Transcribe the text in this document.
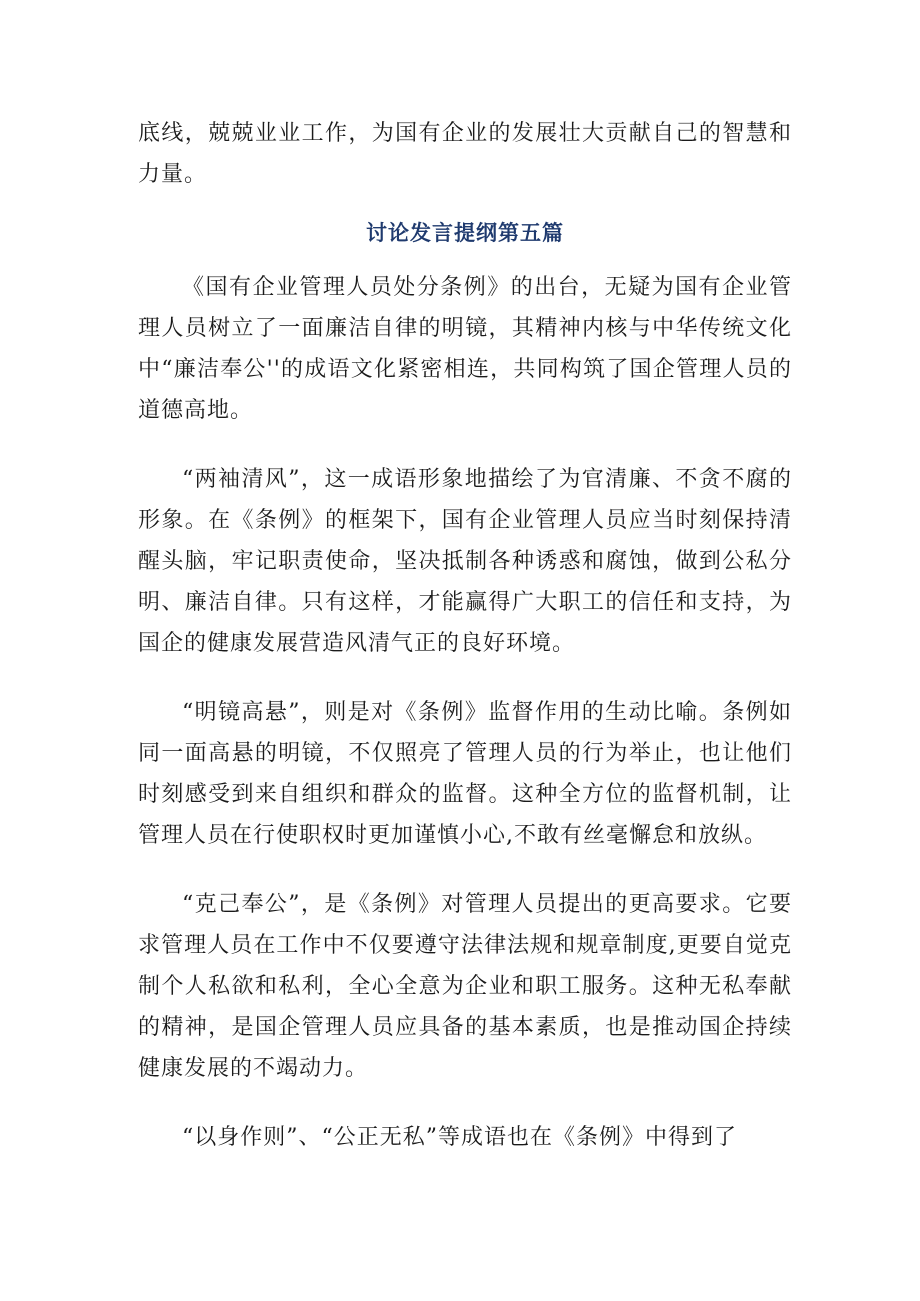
底线，兢兢业业工作，为国有企业的发展壮大贡献自己的智慧和力量。

讨论发言提纲第五篇

《国有企业管理人员处分条例》的出台，无疑为国有企业管理人员树立了一面廉洁自律的明镜，其精神内核与中华传统文化中“廉洁奉公''的成语文化紧密相连，共同构筑了国企管理人员的道德高地。

“两袖清风”，这一成语形象地描绘了为官清廉、不贪不腐的形象。在《条例》的框架下，国有企业管理人员应当时刻保持清醒头脑，牢记职责使命，坚决抵制各种诱惑和腐蚀，做到公私分明、廉洁自律。只有这样，才能赢得广大职工的信任和支持，为国企的健康发展营造风清气正的良好环境。

“明镜高悬”，则是对《条例》监督作用的生动比喻。条例如同一面高悬的明镜，不仅照亮了管理人员的行为举止，也让他们时刻感受到来自组织和群众的监督。这种全方位的监督机制，让管理人员在行使职权时更加谨慎小心,不敢有丝毫懈怠和放纵。

“克己奉公”，是《条例》对管理人员提出的更高要求。它要求管理人员在工作中不仅要遵守法律法规和规章制度,更要自觉克制个人私欲和私利，全心全意为企业和职工服务。这种无私奉献的精神，是国企管理人员应具备的基本素质，也是推动国企持续健康发展的不竭动力。

“以身作则”、“公正无私”等成语也在《条例》中得到了
